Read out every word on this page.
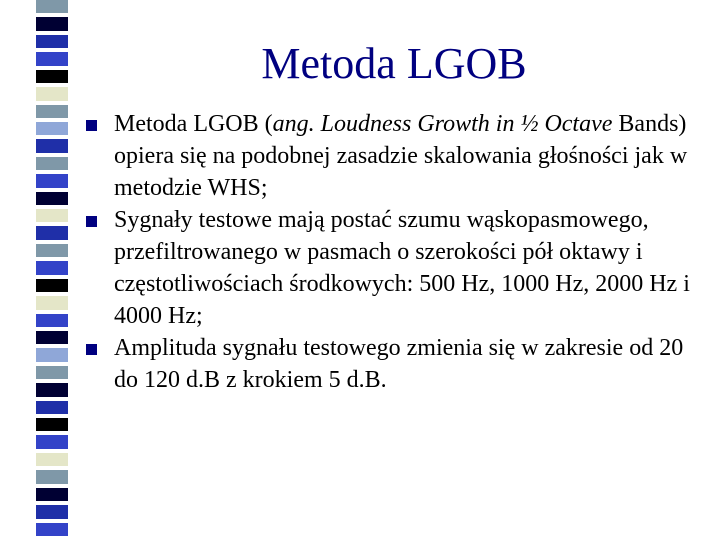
Metoda LGOB

Metoda LGOB (ang. Loudness Growth in ½ Octave Bands) opiera się na podobnej zasadzie skalowania głośności jak w metodzie WHS;

Sygnały testowe mają postać szumu wąskopasmowego, przefiltrowanego w pasmach o szerokości pół oktawy i częstotliwościach środkowych: 500 Hz, 1000 Hz, 2000 Hz i 4000 Hz;

Amplituda sygnału testowego zmienia się w zakresie od 20 do 120 d.B z krokiem 5 d.B.
